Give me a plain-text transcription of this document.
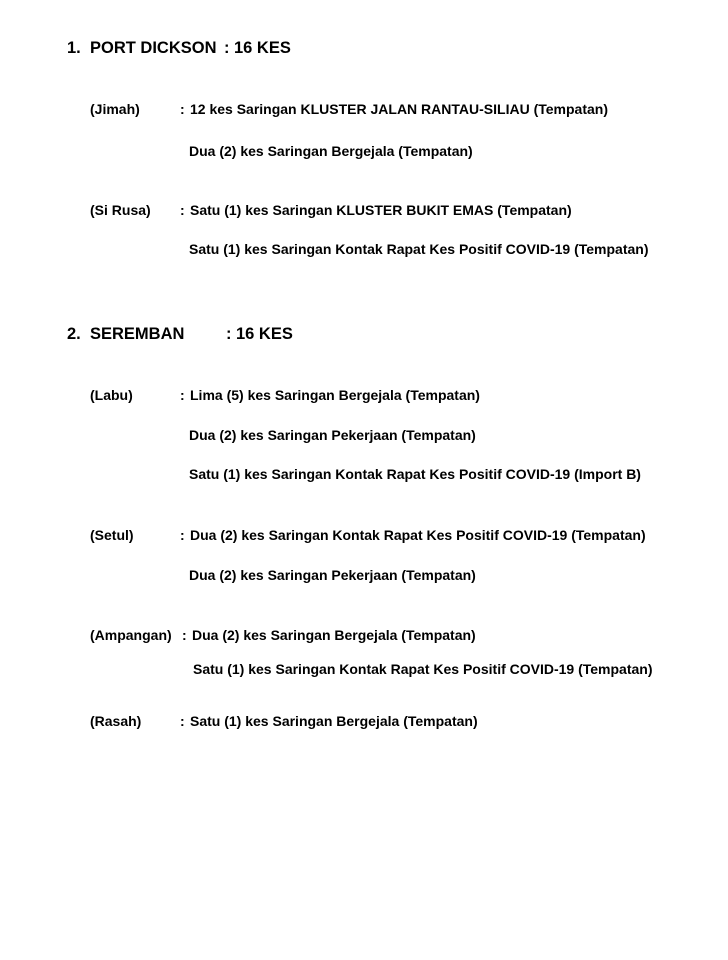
1. PORT DICKSON : 16 KES
(Jimah)	: 12 kes Saringan KLUSTER JALAN RANTAU-SILIAU (Tempatan)
Dua (2) kes Saringan Bergejala (Tempatan)
(Si Rusa) : Satu (1) kes Saringan KLUSTER BUKIT EMAS (Tempatan)
Satu (1) kes Saringan Kontak Rapat Kes Positif COVID-19 (Tempatan)
2. SEREMBAN	: 16 KES
(Labu)	: Lima (5) kes Saringan Bergejala (Tempatan)
Dua (2) kes Saringan Pekerjaan (Tempatan)
Satu (1) kes Saringan Kontak Rapat Kes Positif COVID-19 (Import B)
(Setul)	: Dua (2) kes Saringan Kontak Rapat Kes Positif COVID-19 (Tempatan)
Dua (2) kes Saringan Pekerjaan (Tempatan)
(Ampangan) : Dua (2) kes Saringan Bergejala (Tempatan)
Satu (1) kes Saringan Kontak Rapat Kes Positif COVID-19 (Tempatan)
(Rasah)	: Satu (1) kes Saringan Bergejala (Tempatan)
